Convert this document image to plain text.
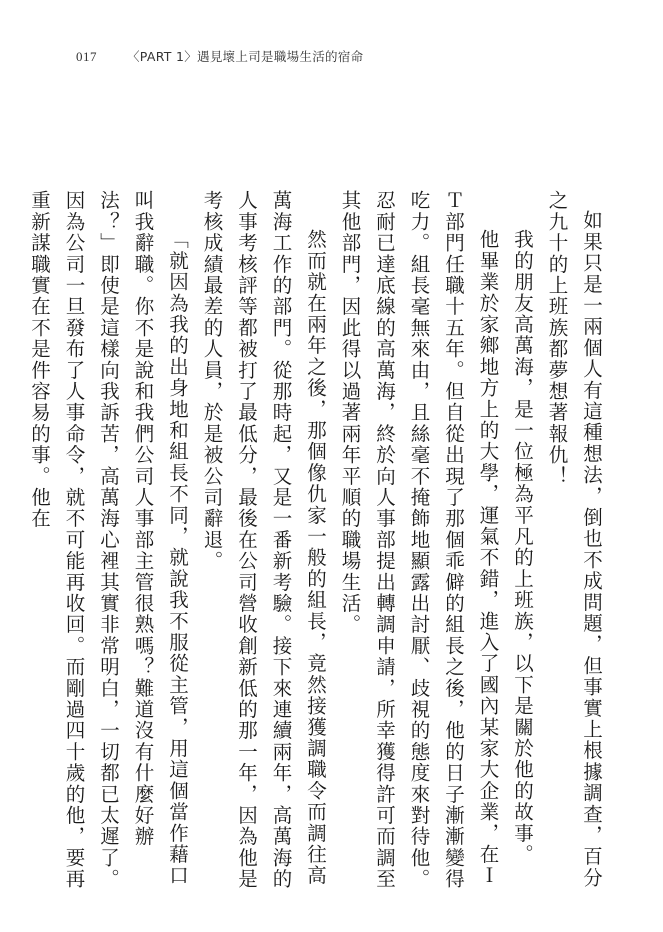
017 〈PART 1〉遇見壞上司是職場生活的宿命

如果只是一兩個人有這種想法，倒也不成問題，但事實上根據調查，百分之九十的上班族都夢想著報仇！

我的朋友高萬海，是一位極為平凡的上班族，以下是關於他的故事。

他畢業於家鄉地方上的大學，運氣不錯，進入了國內某家大企業，在ＩＴ部門任職十五年。但自從出現了那個乖僻的組長之後，他的日子漸漸變得吃力。組長毫無來由，且絲毫不掩飾地顯露出討厭、歧視的態度來對待他。忍耐已達底線的高萬海，終於向人事部提出轉調申請，所幸獲得許可而調至其他部門，因此得以過著兩年平順的職場生活。

然而就在兩年之後，那個像仇家一般的組長，竟然接獲調職令而調往高萬海工作的部門。從那時起，又是一番新考驗。接下來連續兩年，高萬海的人事考核評等都被打了最低分，最後在公司營收創新低的那一年，因為他是考核成績最差的人員，於是被公司辭退。

「就因為我的出身地和組長不同，就說我不服從主管，用這個當作藉口叫我辭職。你不是說和我們公司人事部主管很熟嗎？難道沒有什麼好辦法？」即使是這樣向我訴苦，高萬海心裡其實非常明白，一切都已太遲了。因為公司一旦發布了人事命令，就不可能再收回。而剛過四十歲的他，要再重新謀職實在不是件容易的事。他在
